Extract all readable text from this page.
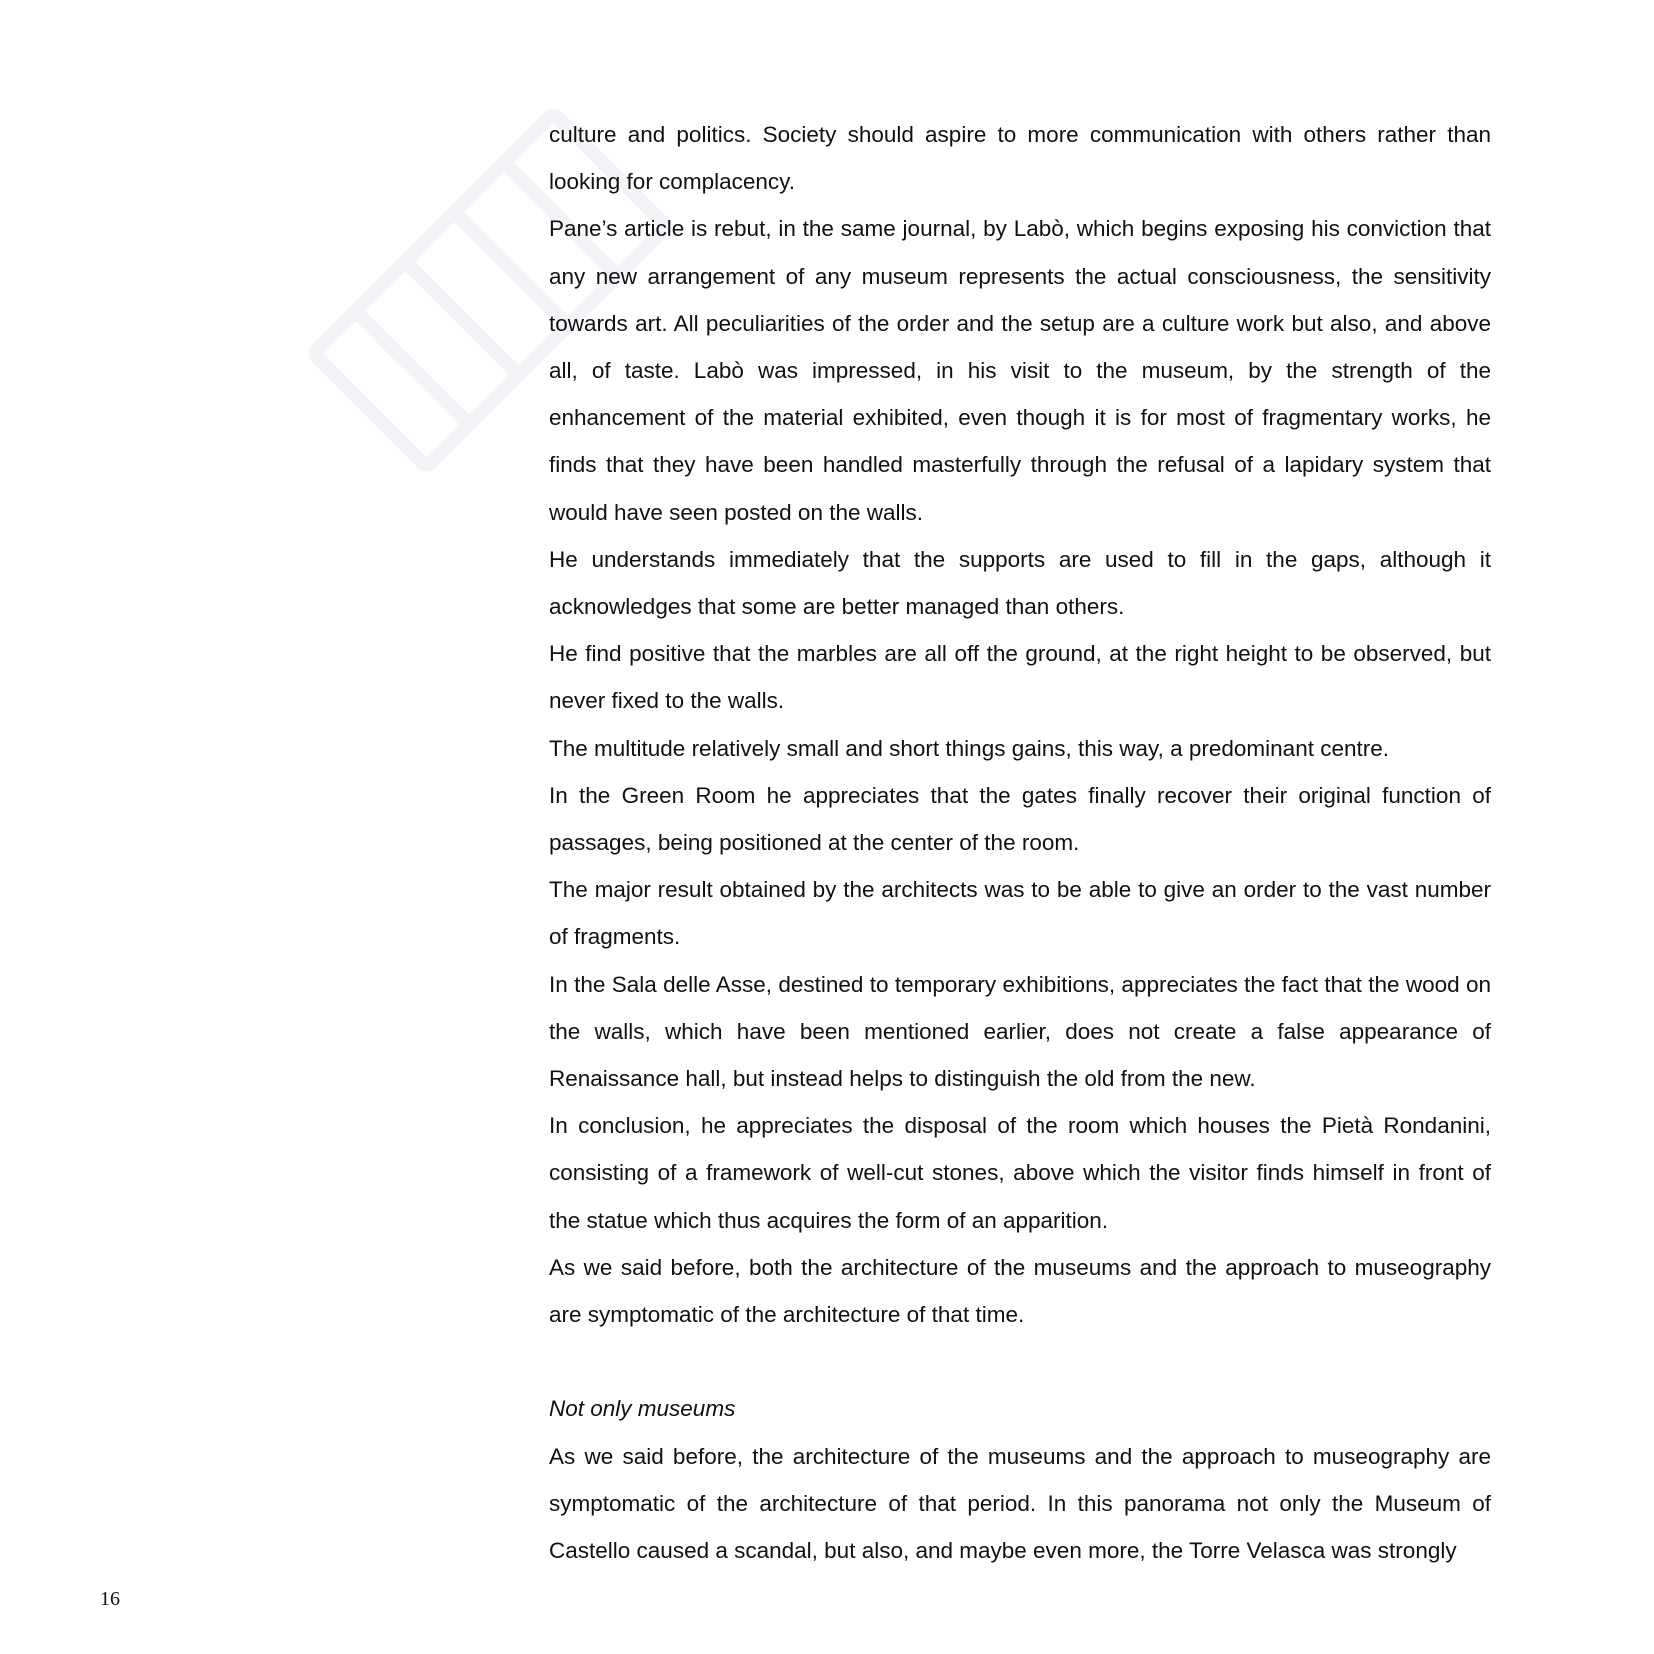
culture and politics. Society should aspire to more communication with others rather than looking for complacency.

Pane’s article is rebut, in the same journal, by Labò, which begins exposing his conviction that any new arrangement of any museum represents the actual consciousness, the sensitivity towards art. All peculiarities of the order and the setup are a culture work but also, and above all, of taste. Labò was impressed, in his visit to the museum, by the strength of the enhancement of the material exhibited, even though it is for most of fragmentary works, he finds that they have been handled masterfully through the refusal of a lapidary system that would have seen posted on the walls.

He understands immediately that the supports are used to fill in the gaps, although it acknowledges that some are better managed than others.

He find positive that the marbles are all off the ground, at the right height to be observed, but never fixed to the walls.

The multitude relatively small and short things gains, this way, a predominant centre.

In the Green Room he appreciates that the gates finally recover their original function of passages, being positioned at the center of the room.

The major result obtained by the architects was to be able to give an order to the vast number of fragments.

In the Sala delle Asse, destined to temporary exhibitions, appreciates the fact that the wood on the walls, which have been mentioned earlier, does not create a false appearance of Renaissance hall, but instead helps to distinguish the old from the new.

In conclusion, he appreciates the disposal of the room which houses the Pietà Rondanini, consisting of a framework of well-cut stones, above which the visitor finds himself in front of the statue which thus acquires the form of an apparition.

As we said before, both the architecture of the museums and the approach to museography are symptomatic of the architecture of that time.

Not only museums

As we said before, the architecture of the museums and the approach to museography are symptomatic of the architecture of that period. In this panorama not only the Museum of Castello caused a scandal, but also, and maybe even more, the Torre Velasca was strongly

16
